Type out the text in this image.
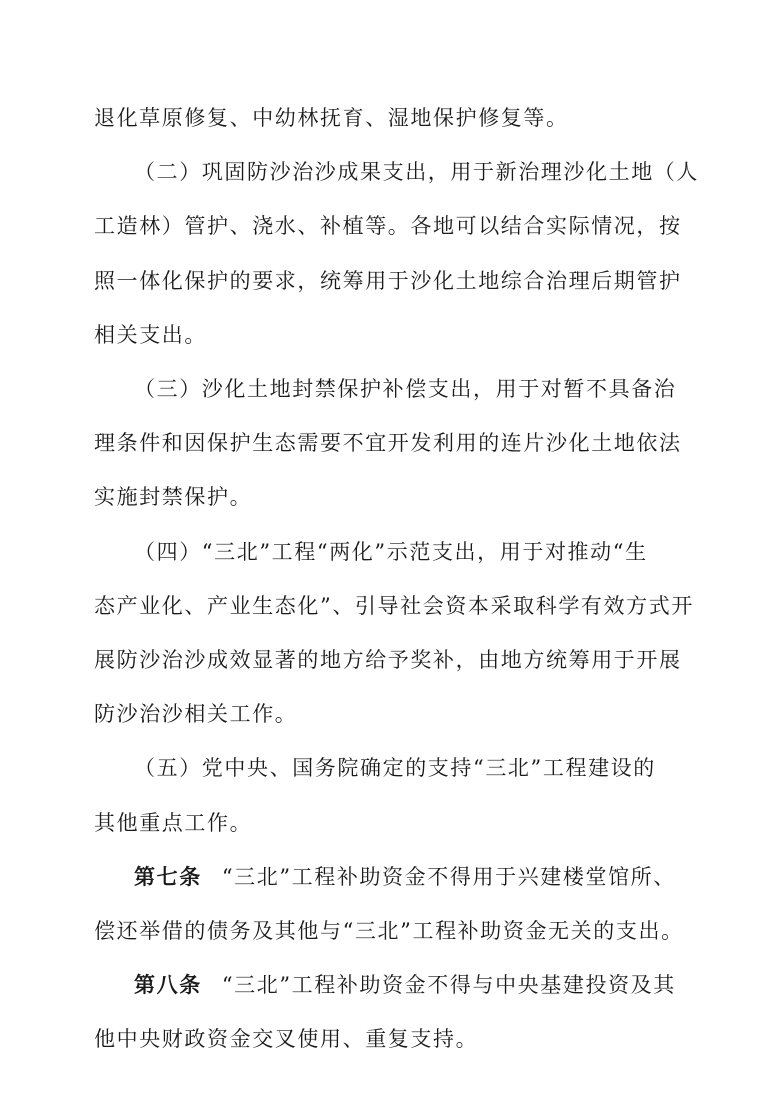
退化草原修复、中幼林抚育、湿地保护修复等。
（二）巩固防沙治沙成果支出，用于新治理沙化土地（人
工造林）管护、浇水、补植等。各地可以结合实际情况，按
照一体化保护的要求，统筹用于沙化土地综合治理后期管护
相关支出。
（三）沙化土地封禁保护补偿支出，用于对暂不具备治
理条件和因保护生态需要不宜开发利用的连片沙化土地依法
实施封禁保护。
（四）“三北”工程“两化”示范支出，用于对推动“生
态产业化、产业生态化”、引导社会资本采取科学有效方式开
展防沙治沙成效显著的地方给予奖补，由地方统筹用于开展
防沙治沙相关工作。
（五）党中央、国务院确定的支持“三北”工程建设的
其他重点工作。
第七条 “三北”工程补助资金不得用于兴建楼堂馆所、
偿还举借的债务及其他与“三北”工程补助资金无关的支出。
第八条 “三北”工程补助资金不得与中央基建投资及其
他中央财政资金交叉使用、重复支持。
